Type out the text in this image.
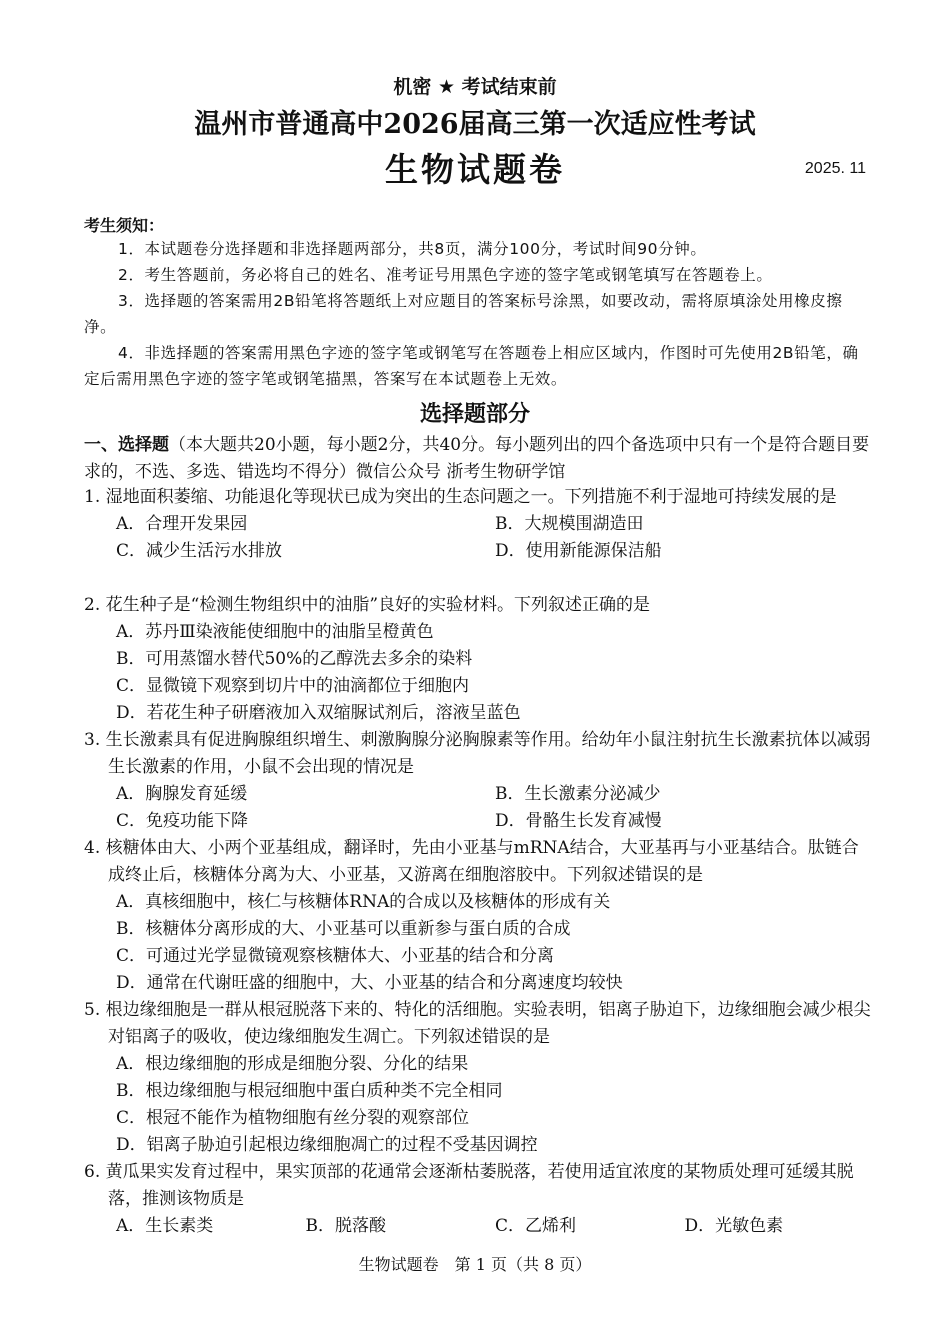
机密 ★ 考试结束前
温州市普通高中2026届高三第一次适应性考试
生物试题卷	2025. 11
考生须知：
1．本试题卷分选择题和非选择题两部分，共8页，满分100分，考试时间90分钟。
2．考生答题前，务必将自己的姓名、准考证号用黑色字迹的签字笔或钢笔填写在答题卷上。
3．选择题的答案需用2B铅笔将答题纸上对应题目的答案标号涂黑，如要改动，需将原填涂处用橡皮擦净。
4．非选择题的答案需用黑色字迹的签字笔或钢笔写在答题卷上相应区域内，作图时可先使用2B铅笔，确定后需用黑色字迹的签字笔或钢笔描黑，答案写在本试题卷上无效。
选择题部分
一、选择题（本大题共20小题，每小题2分，共40分。每小题列出的四个备选项中只有一个是符合题目要求的，不选、多选、错选均不得分）微信公众号 浙考生物研学馆
1. 湿地面积萎缩、功能退化等现状已成为突出的生态问题之一。下列措施不利于湿地可持续发展的是
A．合理开发果园	B．大规模围湖造田
C．减少生活污水排放	D．使用新能源保洁船
2. 花生种子是“检测生物组织中的油脂”良好的实验材料。下列叙述正确的是
A．苏丹Ⅲ染液能使细胞中的油脂呈橙黄色
B．可用蒸馏水替代50%的乙醇洗去多余的染料
C．显微镜下观察到切片中的油滴都位于细胞内
D．若花生种子研磨液加入双缩脲试剂后，溶液呈蓝色
3. 生长激素具有促进胸腺组织增生、刺激胸腺分泌胸腺素等作用。给幼年小鼠注射抗生长激素抗体以减弱生长激素的作用，小鼠不会出现的情况是
A．胸腺发育延缓	B．生长激素分泌减少
C．免疫功能下降	D．骨骼生长发育减慢
4. 核糖体由大、小两个亚基组成，翻译时，先由小亚基与mRNA结合，大亚基再与小亚基结合。肽链合成终止后，核糖体分离为大、小亚基，又游离在细胞溶胶中。下列叙述错误的是
A．真核细胞中，核仁与核糖体RNA的合成以及核糖体的形成有关
B．核糖体分离形成的大、小亚基可以重新参与蛋白质的合成
C．可通过光学显微镜观察核糖体大、小亚基的结合和分离
D．通常在代谢旺盛的细胞中，大、小亚基的结合和分离速度均较快
5. 根边缘细胞是一群从根冠脱落下来的、特化的活细胞。实验表明，铝离子胁迫下，边缘细胞会减少根尖对铝离子的吸收，使边缘细胞发生凋亡。下列叙述错误的是
A．根边缘细胞的形成是细胞分裂、分化的结果
B．根边缘细胞与根冠细胞中蛋白质种类不完全相同
C．根冠不能作为植物细胞有丝分裂的观察部位
D．铝离子胁迫引起根边缘细胞凋亡的过程不受基因调控
6. 黄瓜果实发育过程中，果实顶部的花通常会逐渐枯萎脱落，若使用适宜浓度的某物质处理可延缓其脱落，推测该物质是
A．生长素类	B．脱落酸	C．乙烯利	D．光敏色素
生物试题卷　第 1 页（共 8 页）
